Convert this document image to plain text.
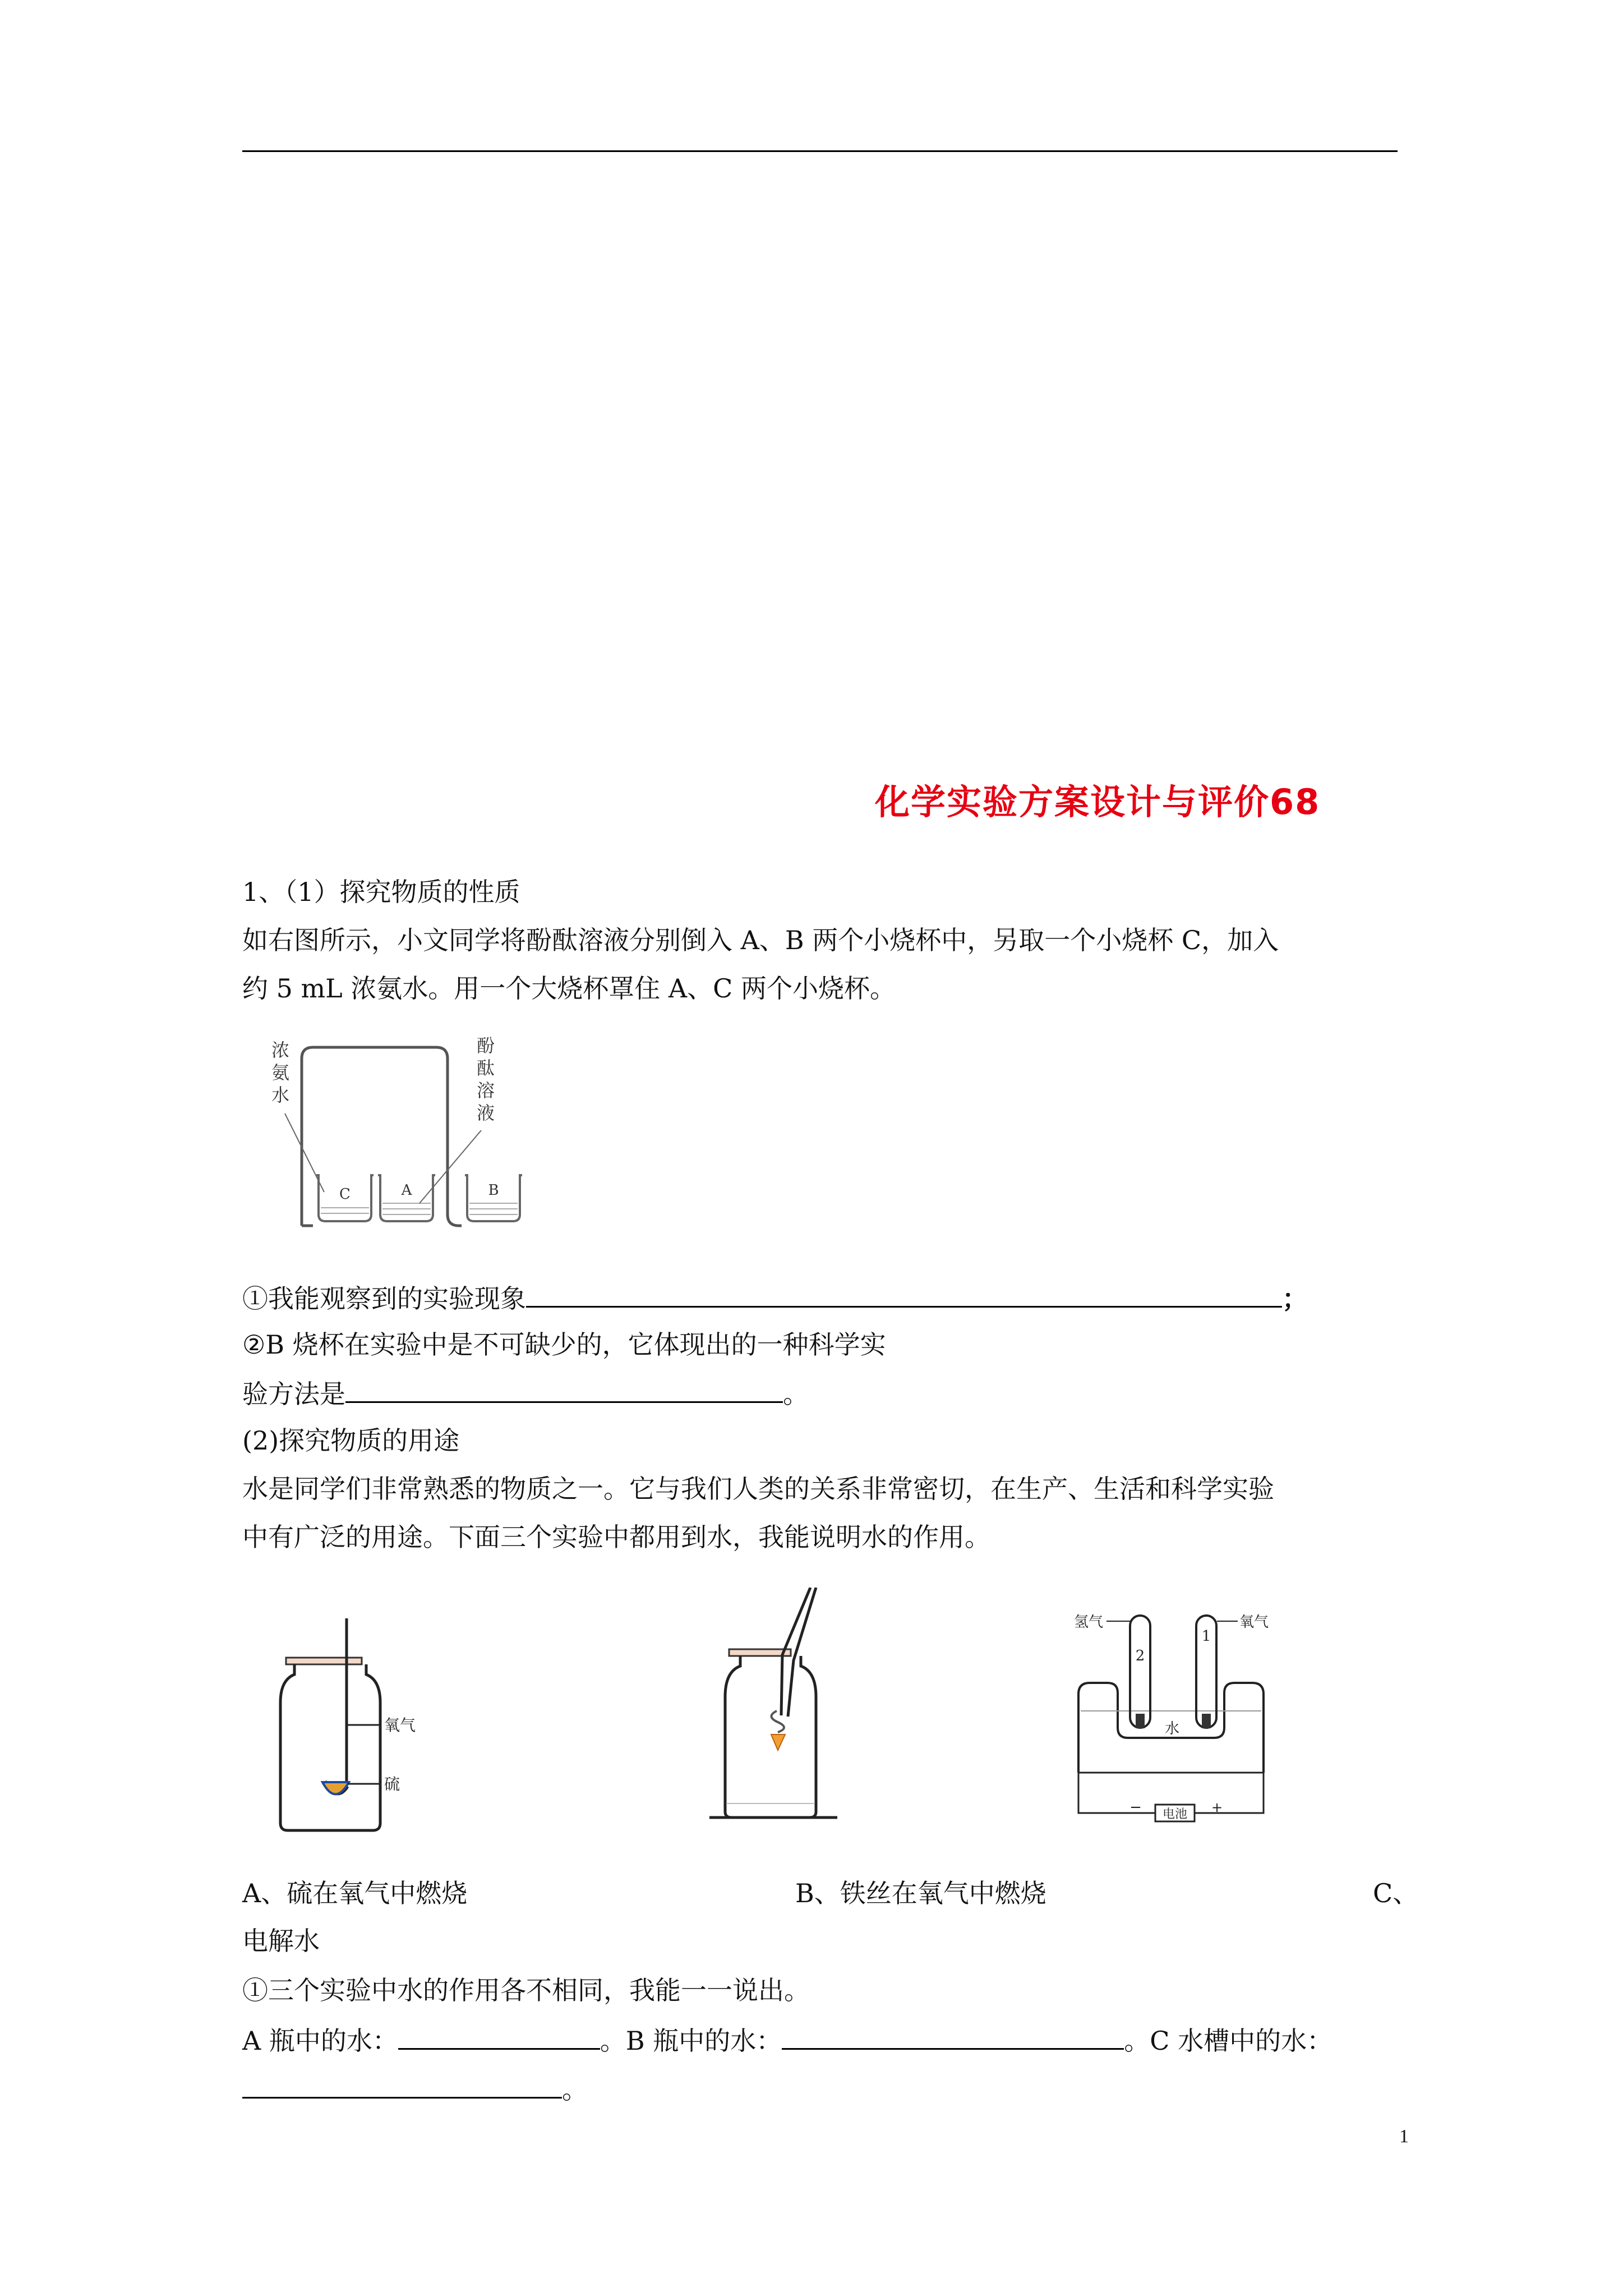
化学实验方案设计与评价68
1、（1）探究物质的性质
如右图所示，小文同学将酚酞溶液分别倒入 A、B 两个小烧杯中，另取一个小烧杯 C，加入
约 5 mL 浓氨水。用一个大烧杯罩住 A、C 两个小烧杯。
C	A	B
浓
氨
水
酚
酞
溶
液
①我能观察到的实验现象	；
②B 烧杯在实验中是不可缺少的，它体现出的一种科学实
验方法是	。
(2)探究物质的用途
水是同学们非常熟悉的物质之一。它与我们人类的关系非常密切，在生产、生活和科学实验
中有广泛的用途。下面三个实验中都用到水，我能说明水的作用。
氧气
硫
氢气	氧气
2
1
水
电池
−	+
A、硫在氧气中燃烧	B、铁丝在氧气中燃烧	C、
电解水
①三个实验中水的作用各不相同，我能一一说出。
A 瓶中的水：	。B 瓶中的水：	。C 水槽中的水：
。
1
